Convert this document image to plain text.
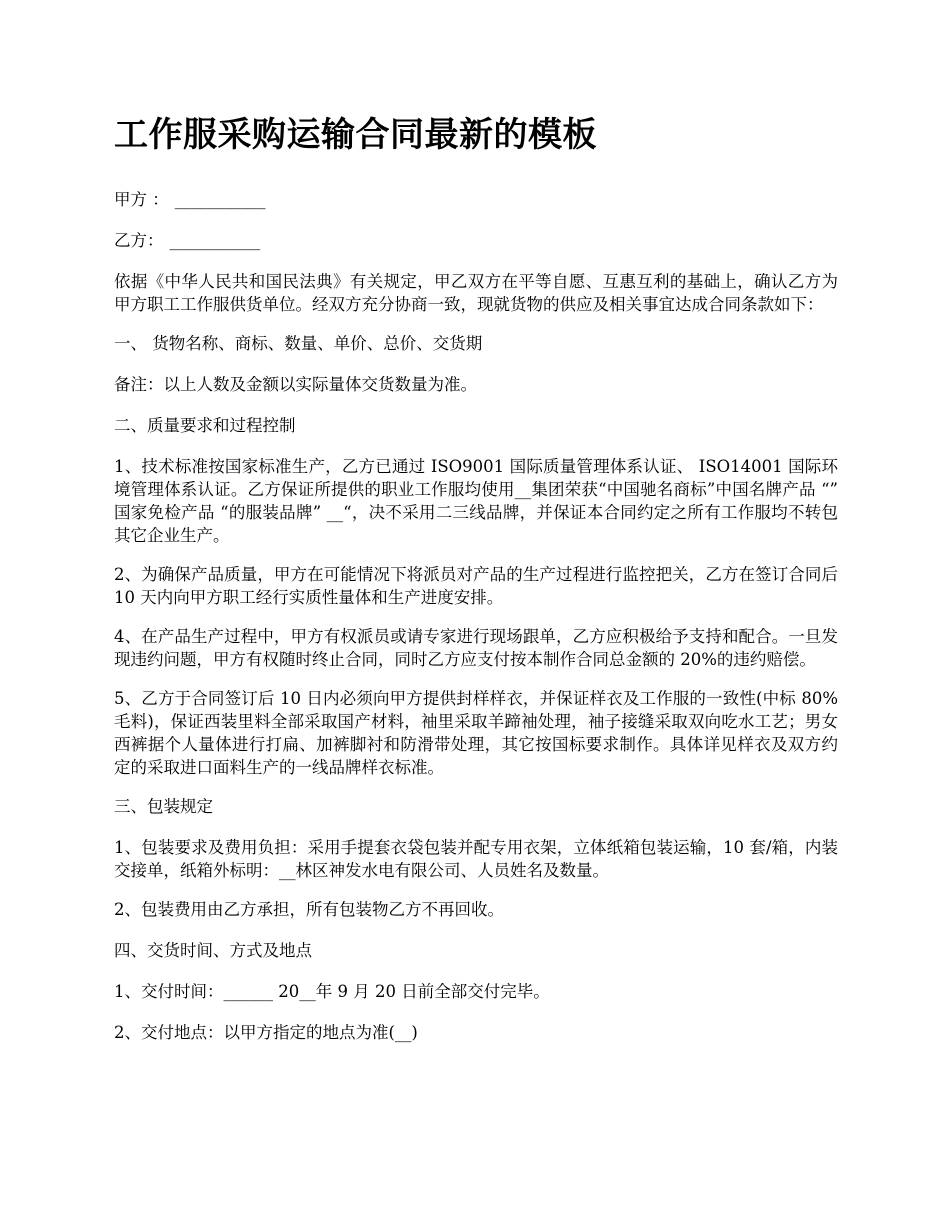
工作服采购运输合同最新的模板
甲方 ： ___________
乙方： ___________

依据《中华人民共和国民法典》有关规定，甲乙双方在平等自愿、互惠互利的基础上，确认乙方为甲方职工工作服供货单位。经双方充分协商一致，现就货物的供应及相关事宜达成合同条款如下：

一、 货物名称、商标、数量、单价、总价、交货期

备注：以上人数及金额以实际量体交货数量为准。

二、质量要求和过程控制

1、技术标准按国家标准生产，乙方已通过 ISO9001 国际质量管理体系认证、 ISO14001 国际环境管理体系认证。乙方保证所提供的职业工作服均使用__集团荣获“中国驰名商标”中国名牌产品 “” 国家免检产品 “的服装品牌” __“，决不采用二三线品牌，并保证本合同约定之所有工作服均不转包其它企业生产。

2、为确保产品质量，甲方在可能情况下将派员对产品的生产过程进行监控把关，乙方在签订合同后 10 天内向甲方职工经行实质性量体和生产进度安排。

4、在产品生产过程中，甲方有权派员或请专家进行现场跟单，乙方应积极给予支持和配合。一旦发现违约问题，甲方有权随时终止合同，同时乙方应支付按本制作合同总金额的 20%的违约赔偿。

5、乙方于合同签订后 10 日内必须向甲方提供封样样衣，并保证样衣及工作服的一致性(中标 80%毛料)，保证西装里料全部采取国产材料，袖里采取羊蹄袖处理，袖子接缝采取双向吃水工艺；男女西裤据个人量体进行打扁、加裤脚衬和防滑带处理，其它按国标要求制作。具体详见样衣及双方约定的采取进口面料生产的一线品牌样衣标准。

三、包装规定

1、包装要求及费用负担：采用手提套衣袋包装并配专用衣架，立体纸箱包装运输，10 套/箱，内装交接单，纸箱外标明：__林区神发水电有限公司、人员姓名及数量。

2、包装费用由乙方承担，所有包装物乙方不再回收。

四、交货时间、方式及地点

1、交付时间：______ 20__年 9 月 20 日前全部交付完毕。

2、交付地点：以甲方指定的地点为准(__)
